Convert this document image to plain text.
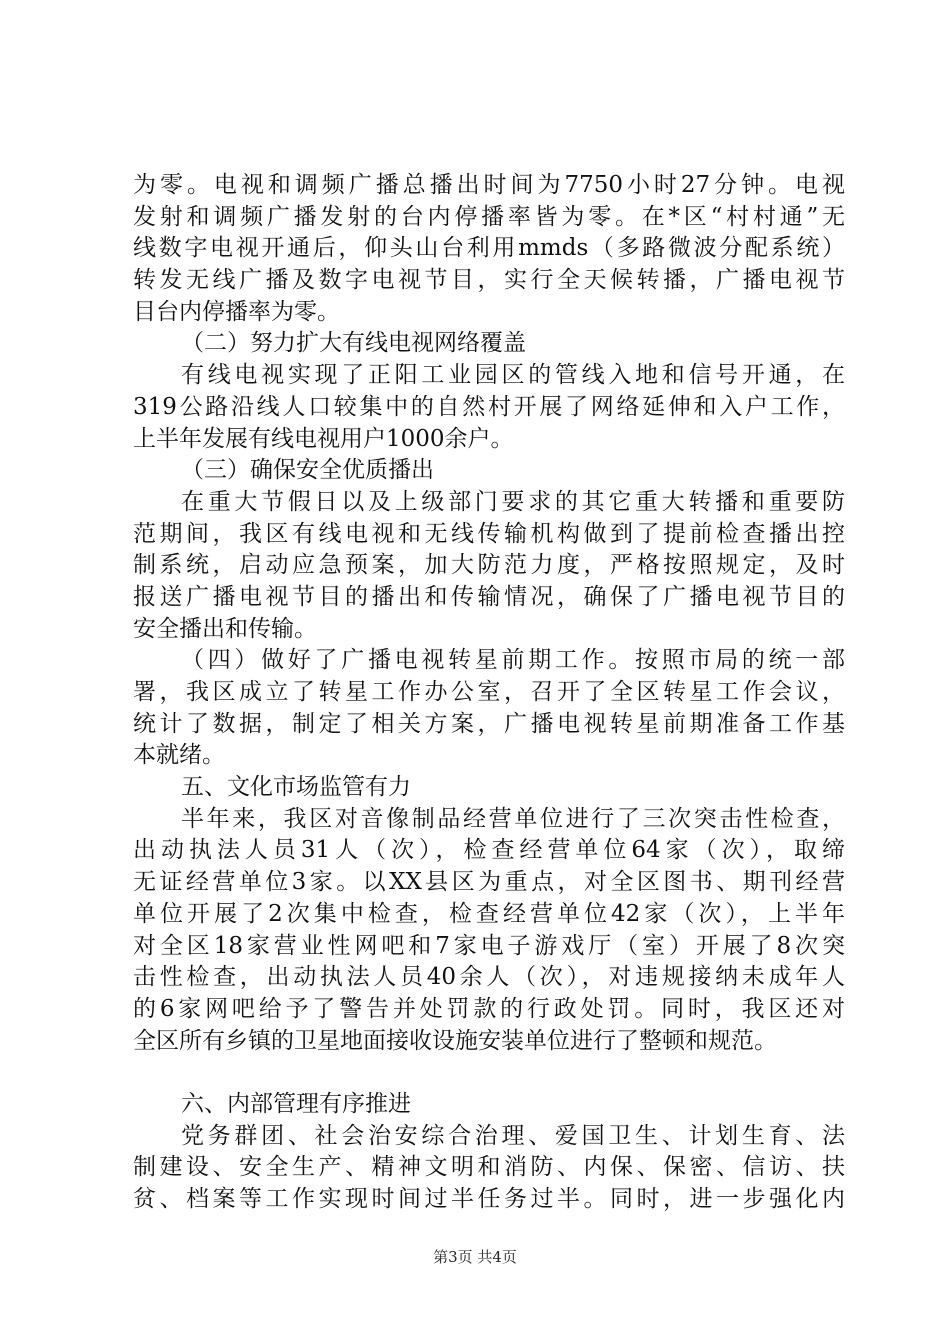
为零。电视和调频广播总播出时间为7750小时27分钟。电视
发射和调频广播发射的台内停播率皆为零。在*区“村村通”无
线数字电视开通后，仰头山台利用mmds（多路微波分配系统）
转发无线广播及数字电视节目，实行全天候转播，广播电视节
目台内停播率为零。
（二）努力扩大有线电视网络覆盖
有线电视实现了正阳工业园区的管线入地和信号开通，在
319公路沿线人口较集中的自然村开展了网络延伸和入户工作，
上半年发展有线电视用户1000余户。
（三）确保安全优质播出
在重大节假日以及上级部门要求的其它重大转播和重要防
范期间，我区有线电视和无线传输机构做到了提前检查播出控
制系统，启动应急预案，加大防范力度，严格按照规定，及时
报送广播电视节目的播出和传输情况，确保了广播电视节目的
安全播出和传输。
（四）做好了广播电视转星前期工作。按照市局的统一部
署，我区成立了转星工作办公室，召开了全区转星工作会议，
统计了数据，制定了相关方案，广播电视转星前期准备工作基
本就绪。
五、文化市场监管有力
半年来，我区对音像制品经营单位进行了三次突击性检查，
出动执法人员31人（次），检查经营单位64家（次），取缔
无证经营单位3家。以XX县区为重点，对全区图书、期刊经营
单位开展了2次集中检查，检查经营单位42家（次），上半年
对全区18家营业性网吧和7家电子游戏厅（室）开展了8次突
击性检查，出动执法人员40余人（次），对违规接纳未成年人
的6家网吧给予了警告并处罚款的行政处罚。同时，我区还对
全区所有乡镇的卫星地面接收设施安装单位进行了整顿和规范。
六、内部管理有序推进
党务群团、社会治安综合治理、爱国卫生、计划生育、法
制建设、安全生产、精神文明和消防、内保、保密、信访、扶
贫、档案等工作实现时间过半任务过半。同时，进一步强化内
第3页 共4页
